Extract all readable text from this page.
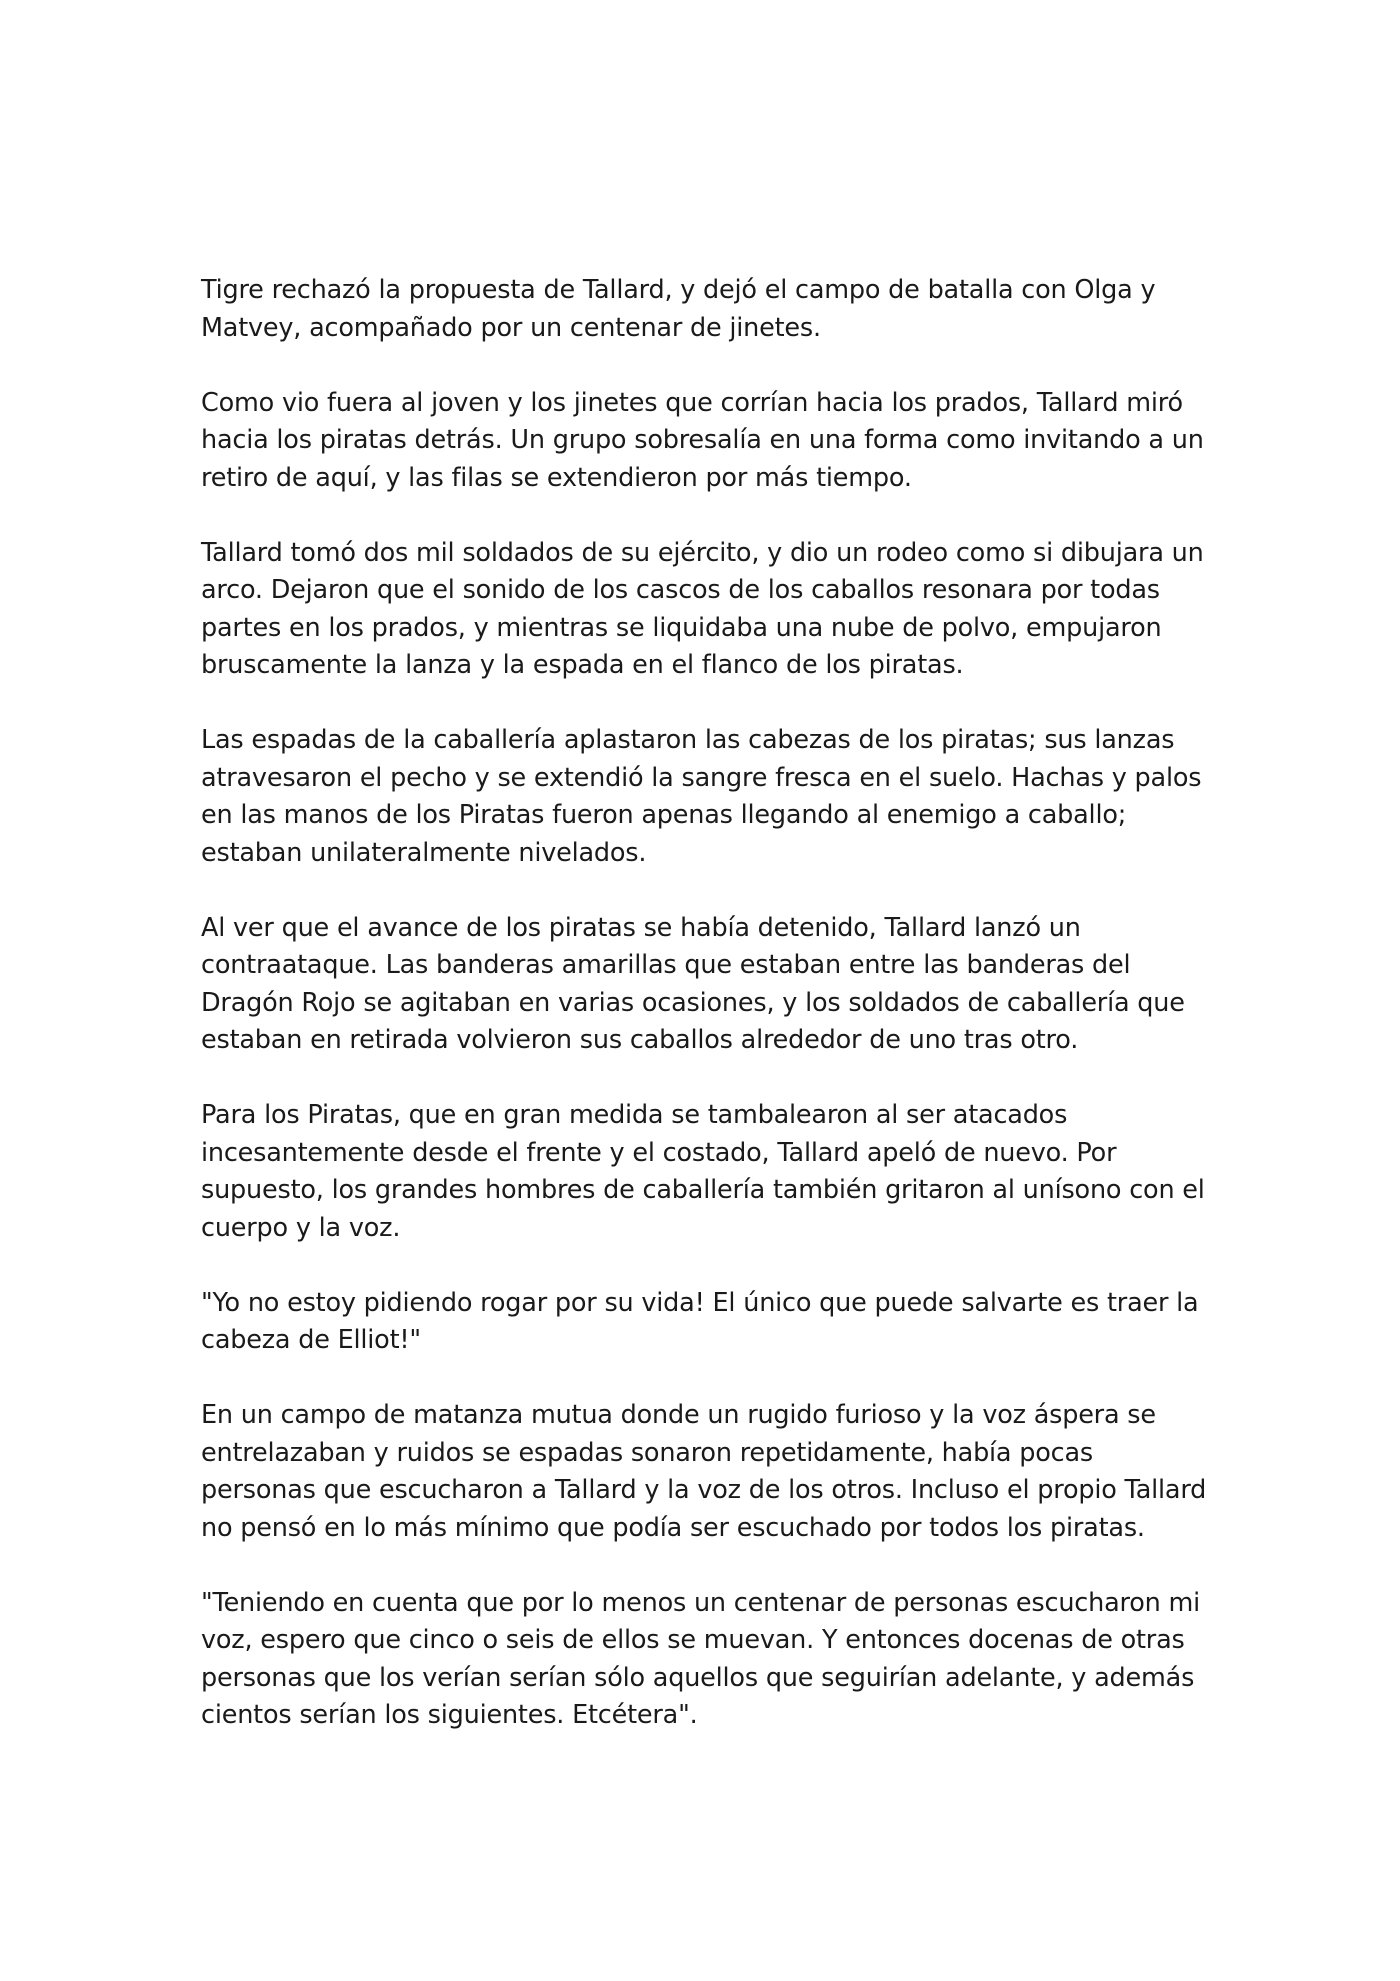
Tigre rechazó la propuesta de Tallard, y dejó el campo de batalla con Olga y Matvey, acompañado por un centenar de jinetes.

Como vio fuera al joven y los jinetes que corrían hacia los prados, Tallard miró hacia los piratas detrás. Un grupo sobresalía en una forma como invitando a un retiro de aquí, y las filas se extendieron por más tiempo.

Tallard tomó dos mil soldados de su ejército, y dio un rodeo como si dibujara un arco. Dejaron que el sonido de los cascos de los caballos resonara por todas partes en los prados, y mientras se liquidaba una nube de polvo, empujaron bruscamente la lanza y la espada en el flanco de los piratas.

Las espadas de la caballería aplastaron las cabezas de los piratas; sus lanzas atravesaron el pecho y se extendió la sangre fresca en el suelo. Hachas y palos en las manos de los Piratas fueron apenas llegando al enemigo a caballo; estaban unilateralmente nivelados.

Al ver que el avance de los piratas se había detenido, Tallard lanzó un contraataque. Las banderas amarillas que estaban entre las banderas del Dragón Rojo se agitaban en varias ocasiones, y los soldados de caballería que estaban en retirada volvieron sus caballos alrededor de uno tras otro.

Para los Piratas, que en gran medida se tambalearon al ser atacados incesantemente desde el frente y el costado, Tallard apeló de nuevo. Por supuesto, los grandes hombres de caballería también gritaron al unísono con el cuerpo y la voz.

"Yo no estoy pidiendo rogar por su vida! El único que puede salvarte es traer la cabeza de Elliot!"

En un campo de matanza mutua donde un rugido furioso y la voz áspera se entrelazaban y ruidos se espadas sonaron repetidamente, había pocas personas que escucharon a Tallard y la voz de los otros. Incluso el propio Tallard no pensó en lo más mínimo que podía ser escuchado por todos los piratas.

"Teniendo en cuenta que por lo menos un centenar de personas escucharon mi voz, espero que cinco o seis de ellos se muevan. Y entonces docenas de otras personas que los verían serían sólo aquellos que seguirían adelante, y además cientos serían los siguientes. Etcétera".
